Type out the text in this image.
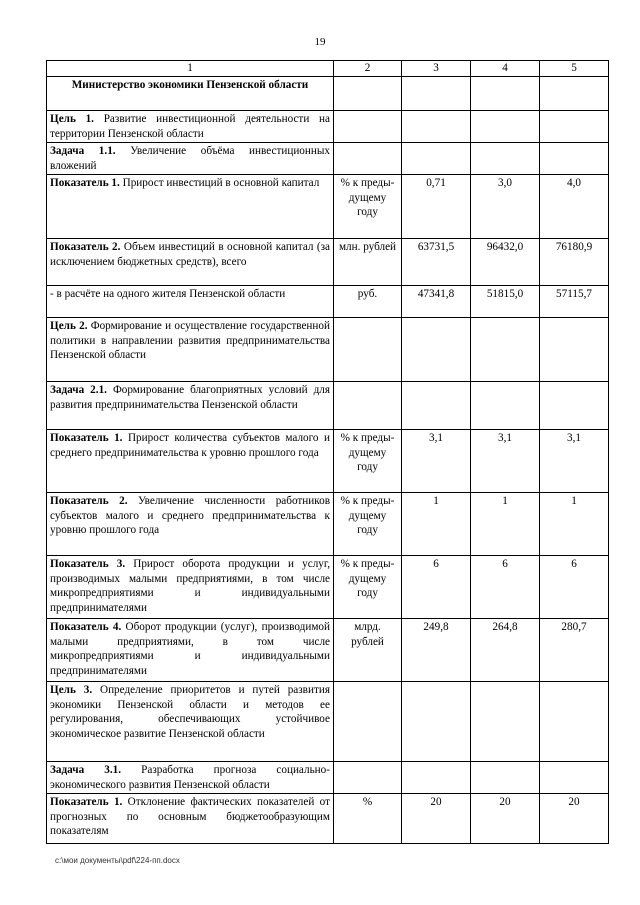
19
1	2	3	4	5
Министерство экономики Пензенской области				
Цель 1. Развитие инвестиционной деятельности на территории Пензенской области				
Задача 1.1. Увеличение объёма инвестиционных вложений				
Показатель 1. Прирост инвестиций в основной капитал	% к преды-дущему году	0,71	3,0	4,0
Показатель 2. Объем инвестиций в основной капитал (за исключением бюджетных средств), всего	млн. рублей	63731,5	96432,0	76180,9
- в расчёте на одного жителя Пензенской области	руб.	47341,8	51815,0	57115,7
Цель 2. Формирование и осуществление государственной политики в направлении развития предпринимательства Пензенской области				
Задача 2.1. Формирование благоприятных условий для развития предпринимательства Пензенской области				
Показатель 1. Прирост количества субъектов малого и среднего предпринимательства к уровню прошлого года	% к преды-дущему году	3,1	3,1	3,1
Показатель 2. Увеличение численности работников субъектов малого и среднего предпринимательства к уровню прошлого года	% к преды-дущему году	1	1	1
Показатель 3. Прирост оборота продукции и услуг, производимых малыми предприятиями, в том числе микропредприятиями и индивидуальными предпринимателями	% к преды-дущему году	6	6	6
Показатель 4. Оборот продукции (услуг), производимой малыми предприятиями, в том числе микропредприятиями и индивидуальными предпринимателями	млрд. рублей	249,8	264,8	280,7
Цель 3. Определение приоритетов и путей развития экономики Пензенской области и методов ее регулирования, обеспечивающих устойчивое экономическое развитие Пензенской области				
Задача 3.1. Разработка прогноза социально-экономического развития Пензенской области				
Показатель 1. Отклонение фактических показателей от прогнозных по основным бюджетообразующим показателям	%	20	20	20
c:\мои документы\pdf\224-пп.docx
